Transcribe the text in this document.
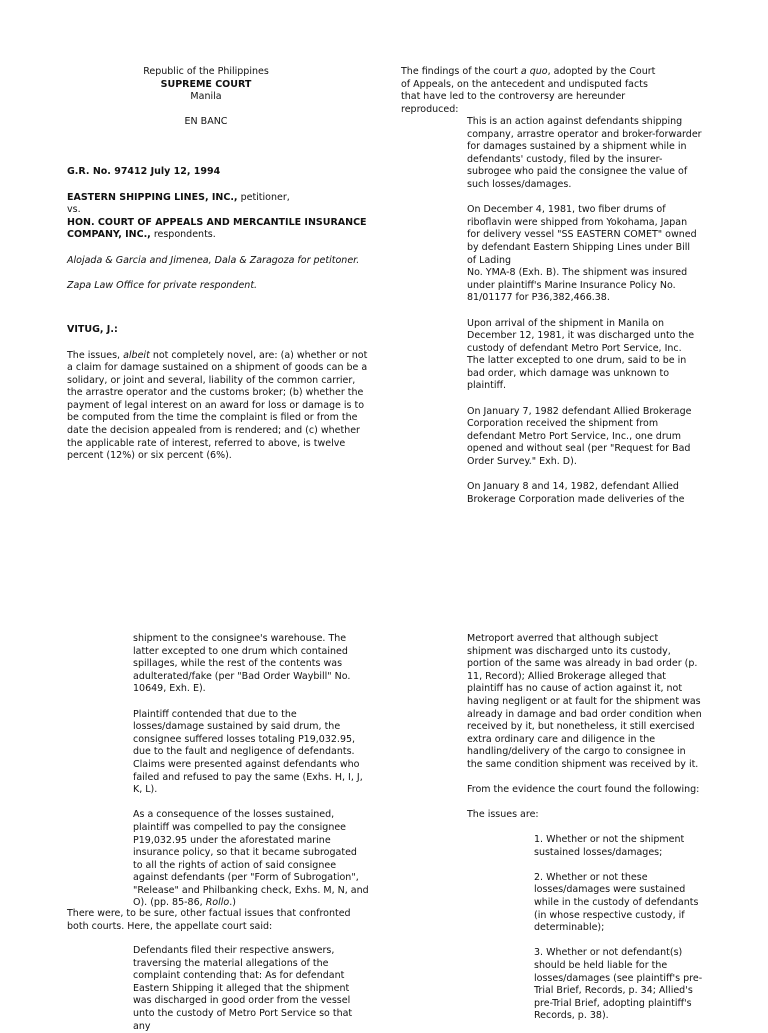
Republic of the Philippines

SUPREME COURT

Manila

EN BANC

G.R. No. 97412 July 12, 1994

EASTERN SHIPPING LINES, INC., petitioner,

vs.

HON. COURT OF APPEALS AND MERCANTILE INSURANCE COMPANY, INC., respondents.

Alojada & Garcia and Jimenea, Dala & Zaragoza for petitoner.

Zapa Law Office for private respondent.

VITUG, J.:

The issues, albeit not completely novel, are: (a) whether or not a claim for damage sustained on a shipment of goods can be a solidary, or joint and several, liability of the common carrier, the arrastre operator and the customs broker; (b) whether the payment of legal interest on an award for loss or damage is to be computed from the time the complaint is filed or from the date the decision appealed from is rendered; and (c) whether the applicable rate of interest, referred to above, is twelve percent (12%) or six percent (6%).

The findings of the court a quo, adopted by the Court of Appeals, on the antecedent and undisputed facts that have led to the controversy are hereunder reproduced:

This is an action against defendants shipping company, arrastre operator and broker-forwarder for damages sustained by a shipment while in defendants' custody, filed by the insurer-subrogee who paid the consignee the value of such losses/damages.

On December 4, 1981, two fiber drums of riboflavin were shipped from Yokohama, Japan for delivery vessel "SS EASTERN COMET" owned by defendant Eastern Shipping Lines under Bill of Lading

No. YMA-8 (Exh. B). The shipment was insured under plaintiff's Marine Insurance Policy No. 81/01177 for P36,382,466.38.

Upon arrival of the shipment in Manila on December 12, 1981, it was discharged unto the custody of defendant Metro Port Service, Inc. The latter excepted to one drum, said to be in bad order, which damage was unknown to plaintiff.

On January 7, 1982 defendant Allied Brokerage Corporation received the shipment from defendant Metro Port Service, Inc., one drum opened and without seal (per "Request for Bad Order Survey." Exh. D).

On January 8 and 14, 1982, defendant Allied Brokerage Corporation made deliveries of the

shipment to the consignee's warehouse. The latter excepted to one drum which contained spillages, while the rest of the contents was adulterated/fake (per "Bad Order Waybill" No. 10649, Exh. E).

Plaintiff contended that due to the losses/damage sustained by said drum, the consignee suffered losses totaling P19,032.95, due to the fault and negligence of defendants. Claims were presented against defendants who failed and refused to pay the same (Exhs. H, I, J, K, L).

As a consequence of the losses sustained, plaintiff was compelled to pay the consignee P19,032.95 under the aforestated marine insurance policy, so that it became subrogated to all the rights of action of said consignee against defendants (per "Form of Subrogation", "Release" and Philbanking check, Exhs. M, N, and O). (pp. 85-86, Rollo.)

There were, to be sure, other factual issues that confronted both courts. Here, the appellate court said:

Defendants filed their respective answers, traversing the material allegations of the complaint contending that: As for defendant Eastern Shipping it alleged that the shipment was discharged in good order from the vessel unto the custody of Metro Port Service so that any

Metroport averred that although subject shipment was discharged unto its custody, portion of the same was already in bad order (p. 11, Record); Allied Brokerage alleged that plaintiff has no cause of action against it, not having negligent or at fault for the shipment was already in damage and bad order condition when received by it, but nonetheless, it still exercised extra ordinary care and diligence in the handling/delivery of the cargo to consignee in the same condition shipment was received by it.

From the evidence the court found the following:

The issues are:

1. Whether or not the shipment sustained losses/damages;

2. Whether or not these losses/damages were sustained while in the custody of defendants (in whose respective custody, if determinable);

3. Whether or not defendant(s) should be held liable for the losses/damages (see plaintiff's pre-Trial Brief, Records, p. 34; Allied's pre-Trial Brief, adopting plaintiff's Records, p. 38).
